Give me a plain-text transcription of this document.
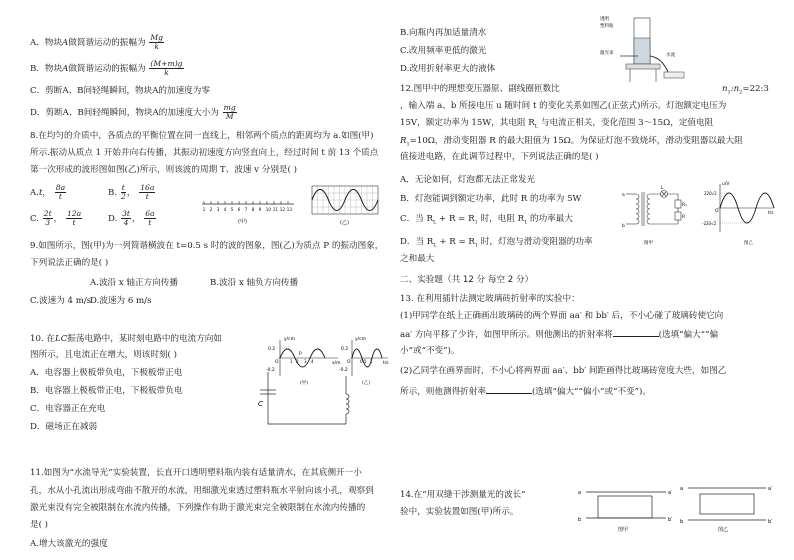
A．物块A做简谐运动的振幅为 $\frac{Mg}{k}$
B．物块A做简谐运动的振幅为 $\frac{(M+m)g}{k}$
C．剪断A、B间轻绳瞬间，物块A的加速度为零
D．剪断A、B间轻绳瞬间，物块A的加速度大小为 $\frac{mg}{M}$
8.在均匀的介质中，各质点的平衡位置在同一直线上，相邻两个质点的距离均为 a.如图(甲)
所示.振动从质点 1 开始并向右传播，其振动初速度方向竖直向上，经过时间 t 前 13 个质点
第一次形成的波形图如图(乙)所示，则该波的周期 T、波速 v 分别是( )
A.t， $\frac{8a}{t}$	B. $\frac{t}{2}$ ， $\frac{16a}{t}$
C. $\frac{2t}{3}$ ， $\frac{12a}{t}$	D. $\frac{3t}{4}$ ， $\frac{6a}{t}$
1 2 3 4 5 6 7 8 9 10 11 12 13
(甲)	(乙)
9.如图所示，图(甲)为一列简谐横波在 t=0.5 s 时的波的图象，图(乙)为质点 P 的振动图象，
下列说法正确的是( )
A.波沿 x 轴正方向传播	B.波沿 x 轴负方向传播
C.波速为 4 m/s
D.波速为 6 m/s
10. 在LC振荡电路中，某时刻电路中的电流方向如
图所示，且电流正在增大，则该时刻( )
A．电容器上极板带负电，下极板带正电
B．电容器上极板带正电，下极板带负电
C．电容器正在充电
D．磁场正在减弱
y/cm
x/m
0.2
-0.2
O	1 2 3 4
P
(甲)
y/cm
t/s
0.2
-0.2
O 0.5 1
(乙)
C
11.如图为“水流导光”实验装置，长直开口透明塑料瓶内装有适量清水，在其底侧开一小
孔，水从小孔流出形成弯曲不散开的水流，用细激光束透过塑料瓶水平射向该小孔，观察到
激光束没有完全被限制在水流内传播，下列操作有助于激光束完全被限制在水流内传播的
是( )
A.增大该激光的强度
B.向瓶内再加适量清水
C.改用频率更低的激光
D.改用折射率更大的液体
透明
塑料瓶
激光束	水流
12.图甲中的理想变压器原、副线圈匝数比	$n_1:n_2=22:3$
，输入端 a、b 所接电压 u 随时间 t 的变化关系如图乙(正弦式)所示。灯泡额定电压为
15V，额定功率为 15W，其电阻 $R_L$ 与电流正相关，变化范围 3～15Ω，定值电阻
$R_1=10\Omega$，滑动变阻器 R 的最大阻值为 15Ω。为保证灯泡不致烧坏，滑动变阻器以最大阻
值接进电路，在此调节过程中，下列说法正确的是( )
A．无论如何，灯泡都无法正常发光
B．灯泡能调到额定功率，此时 R 的功率为 5W
C．当 $R_L + R = R_1$ 时，电阻 $R_1$ 的功率最大
D．当 $R_L + R = R_1$ 时，灯泡与滑动变阻器的功率
之和最大
a
b
L
R₁
R
图甲
u/V
t/s
220√2
-220√2
O
图乙
二、实验题（共 12 分 每空 2 分）
13. 在利用插针法测定玻璃砖折射率的实验中：
(1)甲同学在纸上正确画出玻璃砖的两个界面 aa′ 和 bb′ 后，不小心碰了玻璃砖使它向
aa′ 方向平移了少许，如图甲所示。则他测出的折射率将	(选填“偏大”“偏
小”或“不变”)。
(2)乙同学在画界面时，不小心将两界面 aa′、bb′ 间距画得比玻璃砖宽度大些，如图乙
所示，则他测得折射率	(选填“偏大”“偏小”或“不变”)。
14.在“用双缝干涉测量光的波长”
验中，实验装置如图(甲)所示。
a	a′
b	b′
图甲
a	a′
b	b′
图乙
